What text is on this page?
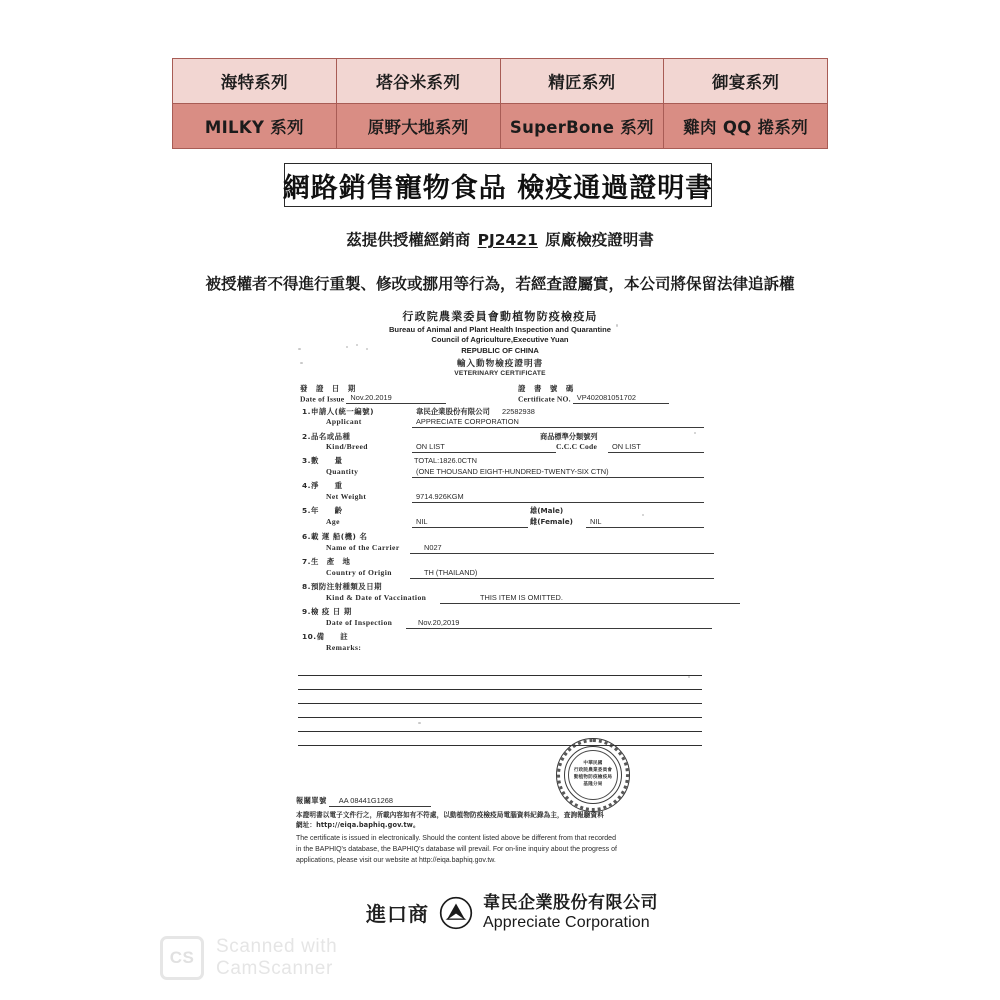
海特系列	塔谷米系列	精匠系列	御宴系列
MILKY 系列	原野大地系列	SuperBone 系列	雞肉 QQ 捲系列
網路銷售寵物食品 檢疫通過證明書
茲提供授權經銷商 PJ2421 原廠檢疫證明書
被授權者不得進行重製、修改或挪用等行為，若經查證屬實，本公司將保留法律追訴權
行政院農業委員會動植物防疫檢疫局
Bureau of Animal and Plant Health Inspection and Quarantine
Council of Agriculture,Executive Yuan
REPUBLIC OF CHINA
輸入動物檢疫證明書
VETERINARY CERTIFICATE
發 證 日 期
Date of Issue Nov.20.2019
證 書 號 碼
Certificate NO. VP402081051702
1.申請人(統一編號)
Applicant
韋民企業股份有限公司 22582938
APPRECIATE CORPORATION
2.品名或品種
Kind/Breed
商品標準分類號列
ON LIST	C.C.C Code	ON LIST
3.數　　量
Quantity
TOTAL:1826.0CTN
(ONE THOUSAND EIGHT-HUNDRED-TWENTY-SIX CTN)
4.淨　　重
Net Weight	9714.926KGM
5.年　　齡
Age
雄(Male)
NIL	雌(Female)	NIL
6.載 運 船(機) 名
Name of the Carrier	N027
7.生　產　地
Country of Origin	TH (THAILAND)
8.預防注射種類及日期
Kind & Date of Vaccination	THIS ITEM IS OMITTED.
9.檢 疫 日 期
Date of Inspection	Nov.20,2019
10.備　　註
Remarks:
中華民國
行政院農業委員會
動植物防疫檢疫局
基隆分局
報關單號 AA 08441G1268
本證明書以電子文件行之，所載內容如有不符處，以動植物防疫檢疫局電腦資料紀錄為主，查詢報驗資料
網址：http://eiqa.baphiq.gov.tw。
The certificate is issued in electronically. Should the content listed above be different from that recorded
in the BAPHIQ's database, the BAPHIQ's database will prevail. For on-line inquiry about the progress of
applications, please visit our website at http://eiqa.baphiq.gov.tw.
進口商	韋民企業股份有限公司
Appreciate Corporation
CS
Scanned with
CamScanner
